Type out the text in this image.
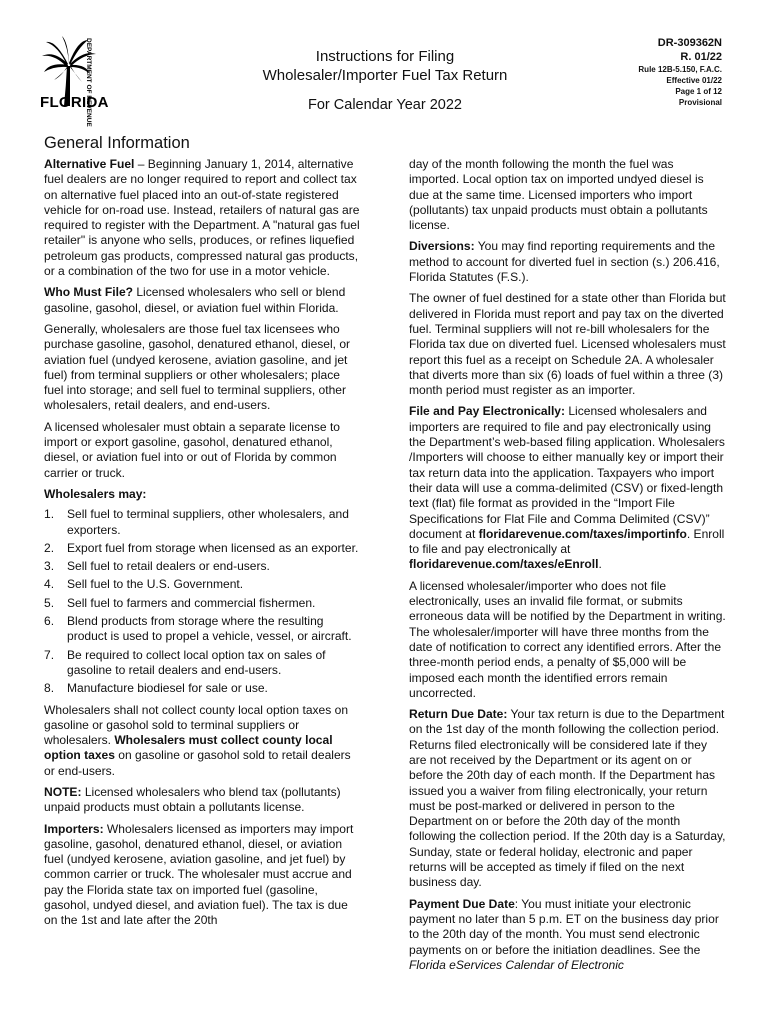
DEPARTMENT OF REVENUE
FLORIDA
Instructions for Filing
Wholesaler/Importer Fuel Tax Return
For Calendar Year 2022
DR-309362N
R. 01/22
Rule 12B-5.150, F.A.C.
Effective 01/22
Page 1 of 12
Provisional
General Information

Alternative Fuel – Beginning January 1, 2014, alternative fuel dealers are no longer required to report and collect tax on alternative fuel placed into an out-of-state registered vehicle for on-road use. Instead, retailers of natural gas are required to register with the Department. A "natural gas fuel retailer" is anyone who sells, produces, or refines liquefied petroleum gas products, compressed natural gas products, or a combination of the two for use in a motor vehicle.

Who Must File? Licensed wholesalers who sell or blend gasoline, gasohol, diesel, or aviation fuel within Florida.

Generally, wholesalers are those fuel tax licensees who purchase gasoline, gasohol, denatured ethanol, diesel, or aviation fuel (undyed kerosene, aviation gasoline, and jet fuel) from terminal suppliers or other wholesalers; place fuel into storage; and sell fuel to terminal suppliers, other wholesalers, retail dealers, and end-users.

A licensed wholesaler must obtain a separate license to import or export gasoline, gasohol, denatured ethanol, diesel, or aviation fuel into or out of Florida by common carrier or truck.

Wholesalers may:
1. Sell fuel to terminal suppliers, other wholesalers, and exporters.
2. Export fuel from storage when licensed as an exporter.
3. Sell fuel to retail dealers or end-users.
4. Sell fuel to the U.S. Government.
5. Sell fuel to farmers and commercial fishermen.
6. Blend products from storage where the resulting product is used to propel a vehicle, vessel, or aircraft.
7. Be required to collect local option tax on sales of gasoline to retail dealers and end-users.
8. Manufacture biodiesel for sale or use.

Wholesalers shall not collect county local option taxes on gasoline or gasohol sold to terminal suppliers or wholesalers. Wholesalers must collect county local option taxes on gasoline or gasohol sold to retail dealers or end-users.

NOTE: Licensed wholesalers who blend tax (pollutants) unpaid products must obtain a pollutants license.

Importers: Wholesalers licensed as importers may import gasoline, gasohol, denatured ethanol, diesel, or aviation fuel (undyed kerosene, aviation gasoline, and jet fuel) by common carrier or truck. The wholesaler must accrue and pay the Florida state tax on imported fuel (gasoline, gasohol, undyed diesel, and aviation fuel). The tax is due on the 1st and late after the 20th

day of the month following the month the fuel was imported. Local option tax on imported undyed diesel is due at the same time. Licensed importers who import (pollutants) tax unpaid products must obtain a pollutants license.

Diversions: You may find reporting requirements and the method to account for diverted fuel in section (s.) 206.416, Florida Statutes (F.S.).

The owner of fuel destined for a state other than Florida but delivered in Florida must report and pay tax on the diverted fuel. Terminal suppliers will not re-bill wholesalers for the Florida tax due on diverted fuel. Licensed wholesalers must report this fuel as a receipt on Schedule 2A. A wholesaler that diverts more than six (6) loads of fuel within a three (3) month period must register as an importer.

File and Pay Electronically: Licensed wholesalers and importers are required to file and pay electronically using the Department’s web-based filing application. Wholesalers /Importers will choose to either manually key or import their tax return data into the application. Taxpayers who import their data will use a comma-delimited (CSV) or fixed-length text (flat) file format as provided in the “Import File Specifications for Flat File and Comma Delimited (CSV)” document at floridarevenue.com/taxes/importinfo. Enroll to file and pay electronically at floridarevenue.com/taxes/eEnroll.

A licensed wholesaler/importer who does not file electronically, uses an invalid file format, or submits erroneous data will be notified by the Department in writing. The wholesaler/importer will have three months from the date of notification to correct any identified errors. After the three-month period ends, a penalty of $5,000 will be imposed each month the identified errors remain uncorrected.

Return Due Date: Your tax return is due to the Department on the 1st day of the month following the collection period. Returns filed electronically will be considered late if they are not received by the Department or its agent on or before the 20th day of each month. If the Department has issued you a waiver from filing electronically, your return must be post-marked or delivered in person to the Department on or before the 20th day of the month following the collection period. If the 20th day is a Saturday, Sunday, state or federal holiday, electronic and paper returns will be accepted as timely if filed on the next business day.

Payment Due Date: You must initiate your electronic payment no later than 5 p.m. ET on the business day prior to the 20th day of the month. You must send electronic payments on or before the initiation deadlines. See the Florida eServices Calendar of Electronic
